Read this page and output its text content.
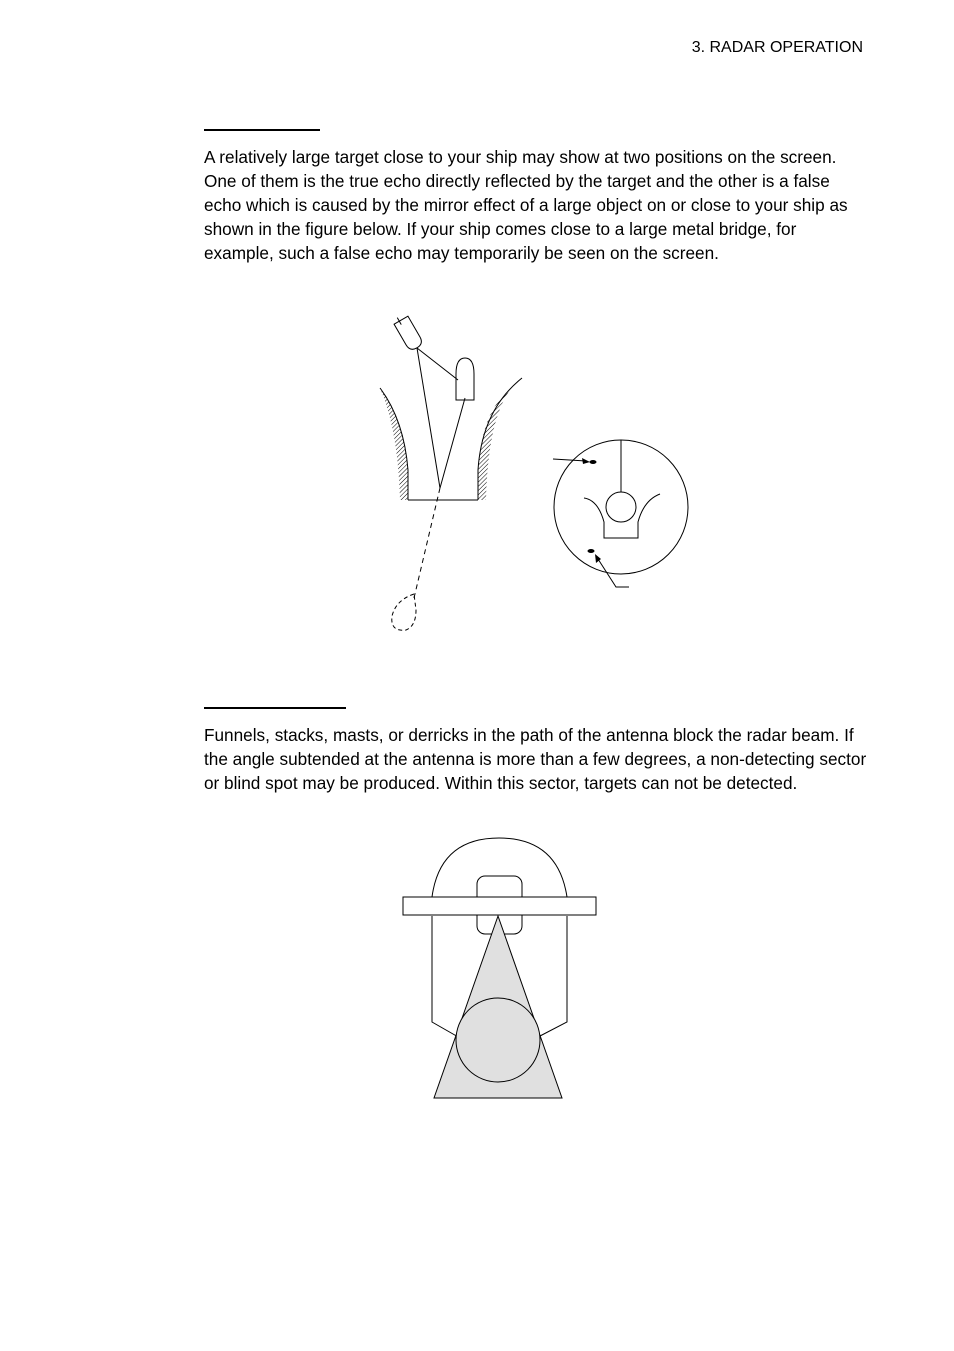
3. RADAR OPERATION

A relatively large target close to your ship may show at two positions on the screen. One of them is the true echo directly reflected by the target and the other is a false echo which is caused by the mirror effect of a large object on or close to your ship as shown in the figure below. If your ship comes close to a large metal bridge, for example, such a false echo may temporarily be seen on the screen.

Funnels, stacks, masts, or derricks in the path of the antenna block the radar beam. If the angle subtended at the antenna is more than a few degrees, a non-detecting sector or blind spot may be produced. Within this sector, targets can not be detected.
